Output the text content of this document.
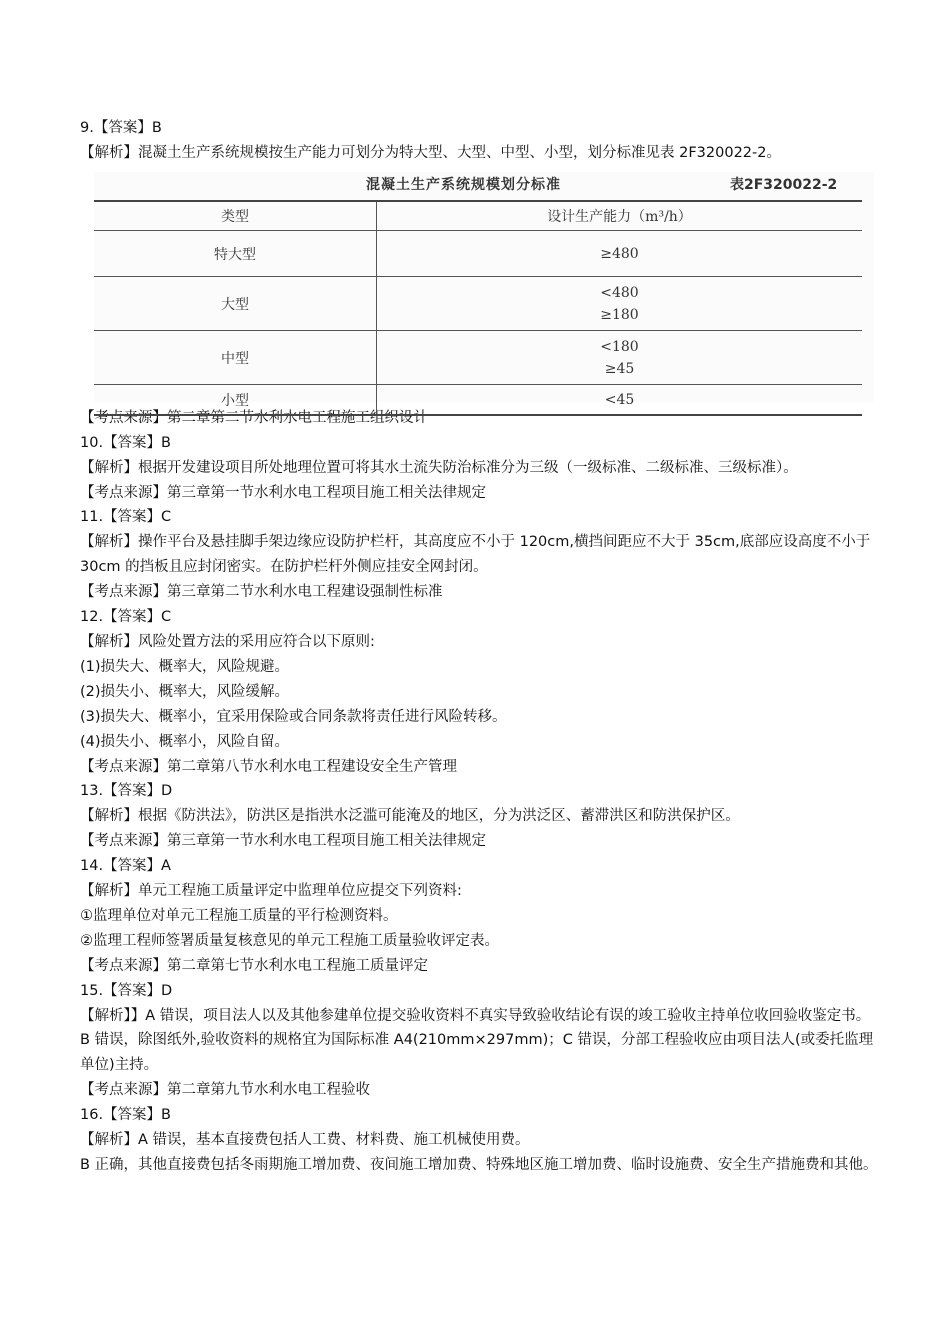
9.【答案】B
【解析】混凝土生产系统规模按生产能力可划分为特大型、大型、中型、小型，划分标准见表 2F320022-2。
混凝土生产系统规模划分标准	表2F320022-2
类型	设计生产能力（m³/h）
特大型	≥480

大型	<480
≥180

中型	<180
≥45

小型	<45
【考点来源】第二章第二节水利水电工程施工组织设计
10.【答案】B
【解析】根据开发建设项目所处地理位置可将其水土流失防治标准分为三级（一级标准、二级标准、三级标准）。
【考点来源】第三章第一节水利水电工程项目施工相关法律规定
11.【答案】C
【解析】操作平台及悬挂脚手架边缘应设防护栏杆，其高度应不小于 120cm,横挡间距应不大于 35cm,底部应设高度不小于 30cm 的挡板且应封闭密实。在防护栏杆外侧应挂安全网封闭。
【考点来源】第三章第二节水利水电工程建设强制性标准
12.【答案】C
【解析】风险处置方法的采用应符合以下原则:
(1)损失大、概率大，风险规避。
(2)损失小、概率大，风险缓解。
(3)损失大、概率小，宜采用保险或合同条款将责任进行风险转移。
(4)损失小、概率小，风险自留。
【考点来源】第二章第八节水利水电工程建设安全生产管理
13.【答案】D
【解析】根据《防洪法》，防洪区是指洪水泛滥可能淹及的地区，分为洪泛区、蓄滞洪区和防洪保护区。
【考点来源】第三章第一节水利水电工程项目施工相关法律规定
14.【答案】A
【解析】单元工程施工质量评定中监理单位应提交下列资料:
①监理单位对单元工程施工质量的平行检测资料。
②监理工程师签署质量复核意见的单元工程施工质量验收评定表。
【考点来源】第二章第七节水利水电工程施工质量评定
15.【答案】D
【解析】】A 错误，项目法人以及其他参建单位提交验收资料不真实导致验收结论有误的竣工验收主持单位收回验收鉴定书。B 错误，除图纸外,验收资料的规格宜为国际标准 A4(210mm×297mm)；C 错误，分部工程验收应由项目法人(或委托监理单位)主持。
【考点来源】第二章第九节水利水电工程验收
16.【答案】B
【解析】A 错误，基本直接费包括人工费、材料费、施工机械使用费。
B 正确，其他直接费包括冬雨期施工增加费、夜间施工增加费、特殊地区施工增加费、临时设施费、安全生产措施费和其他。
